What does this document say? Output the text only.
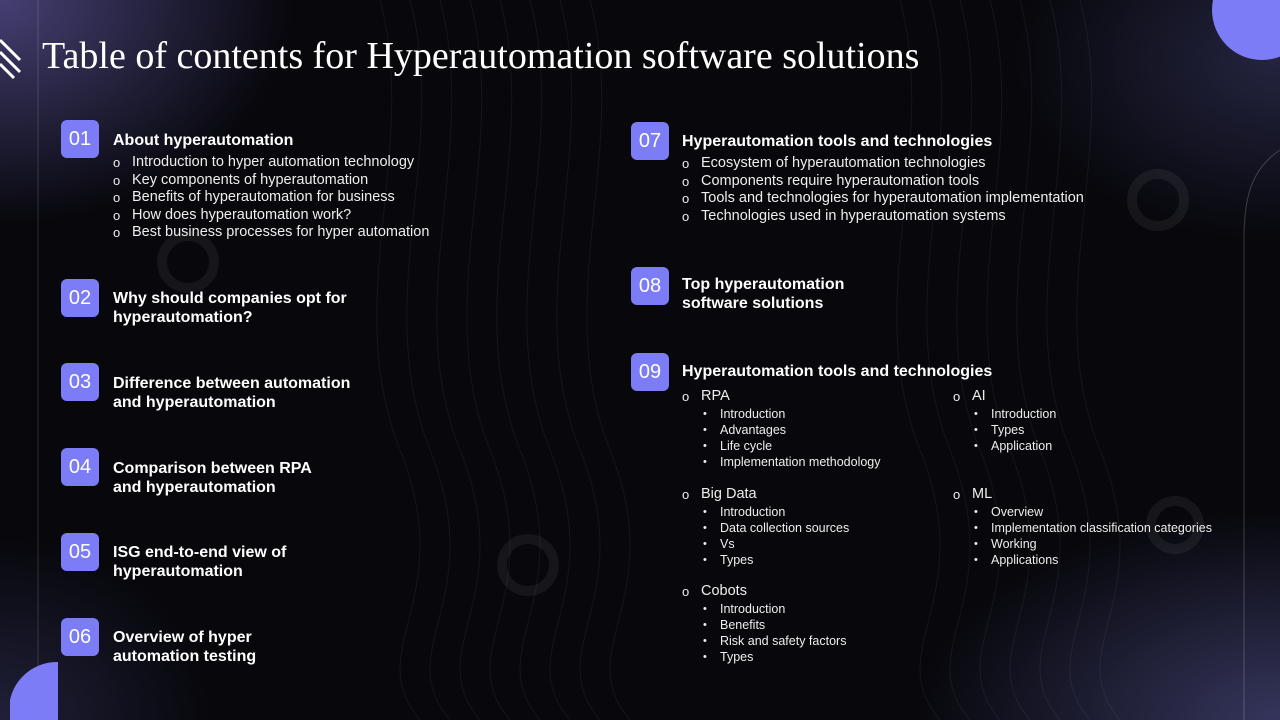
Table of contents for Hyperautomation software solutions
01	About hyperautomation
o Introduction to hyper automation technology
o Key components of hyperautomation
o Benefits of hyperautomation for business
o How does hyperautomation work?
o Best business processes for hyper automation
02	Why should companies opt for
hyperautomation?
03	Difference between automation
and hyperautomation
04	Comparison between RPA
and hyperautomation
05	ISG end-to-end view of
hyperautomation
06	Overview of hyper
automation testing
07	Hyperautomation tools and technologies
o Ecosystem of hyperautomation technologies
o Components require hyperautomation tools
o Tools and technologies for hyperautomation implementation
o Technologies used in hyperautomation systems
08	Top hyperautomation
software solutions
09	Hyperautomation tools and technologies
o RPA
• Introduction
• Advantages
• Life cycle
• Implementation methodology
o Big Data
• Introduction
• Data collection sources
• Vs
• Types
o Cobots
• Introduction
• Benefits
• Risk and safety factors
• Types
o AI
• Introduction
• Types
• Application
o ML
• Overview
• Implementation classification categories
• Working
• Applications
